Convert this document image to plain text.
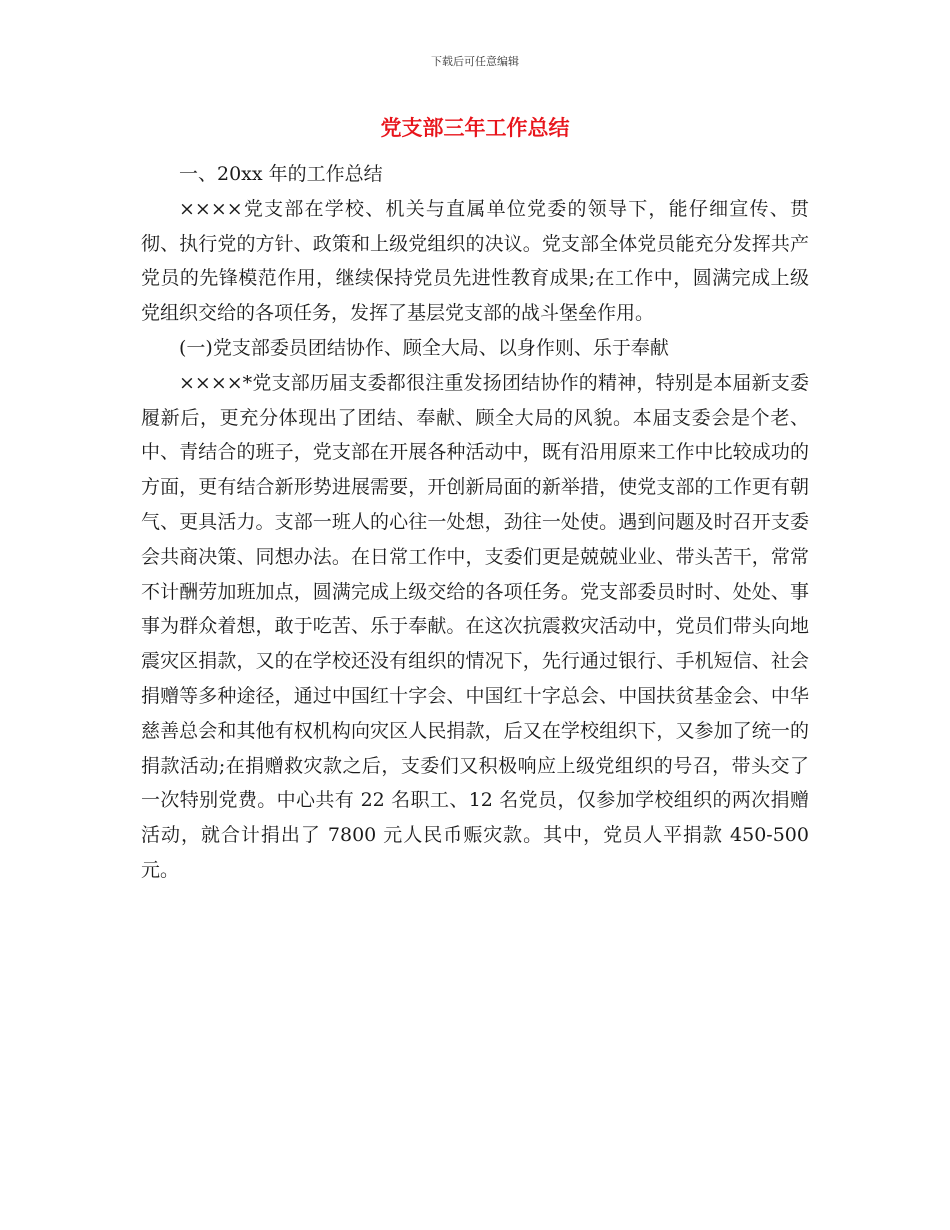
下载后可任意编辑
党支部三年工作总结

一、20xx 年的工作总结

××××党支部在学校、机关与直属单位党委的领导下，能仔细宣传、贯彻、执行党的方针、政策和上级党组织的决议。党支部全体党员能充分发挥共产党员的先锋模范作用，继续保持党员先进性教育成果;在工作中，圆满完成上级党组织交给的各项任务，发挥了基层党支部的战斗堡垒作用。

(一)党支部委员团结协作、顾全大局、以身作则、乐于奉献

××××*党支部历届支委都很注重发扬团结协作的精神，特别是本届新支委履新后，更充分体现出了团结、奉献、顾全大局的风貌。本届支委会是个老、中、青结合的班子，党支部在开展各种活动中，既有沿用原来工作中比较成功的方面，更有结合新形势进展需要，开创新局面的新举措，使党支部的工作更有朝气、更具活力。支部一班人的心往一处想，劲往一处使。遇到问题及时召开支委会共商决策、同想办法。在日常工作中，支委们更是兢兢业业、带头苦干，常常不计酬劳加班加点，圆满完成上级交给的各项任务。党支部委员时时、处处、事事为群众着想，敢于吃苦、乐于奉献。在这次抗震救灾活动中，党员们带头向地震灾区捐款，又的在学校还没有组织的情况下，先行通过银行、手机短信、社会捐赠等多种途径，通过中国红十字会、中国红十字总会、中国扶贫基金会、中华慈善总会和其他有权机构向灾区人民捐款，后又在学校组织下，又参加了统一的捐款活动;在捐赠救灾款之后，支委们又积极响应上级党组织的号召，带头交了一次特别党费。中心共有 22 名职工、12 名党员，仅参加学校组织的两次捐赠活动，就合计捐出了 7800 元人民币赈灾款。其中，党员人平捐款 450-500 元。
